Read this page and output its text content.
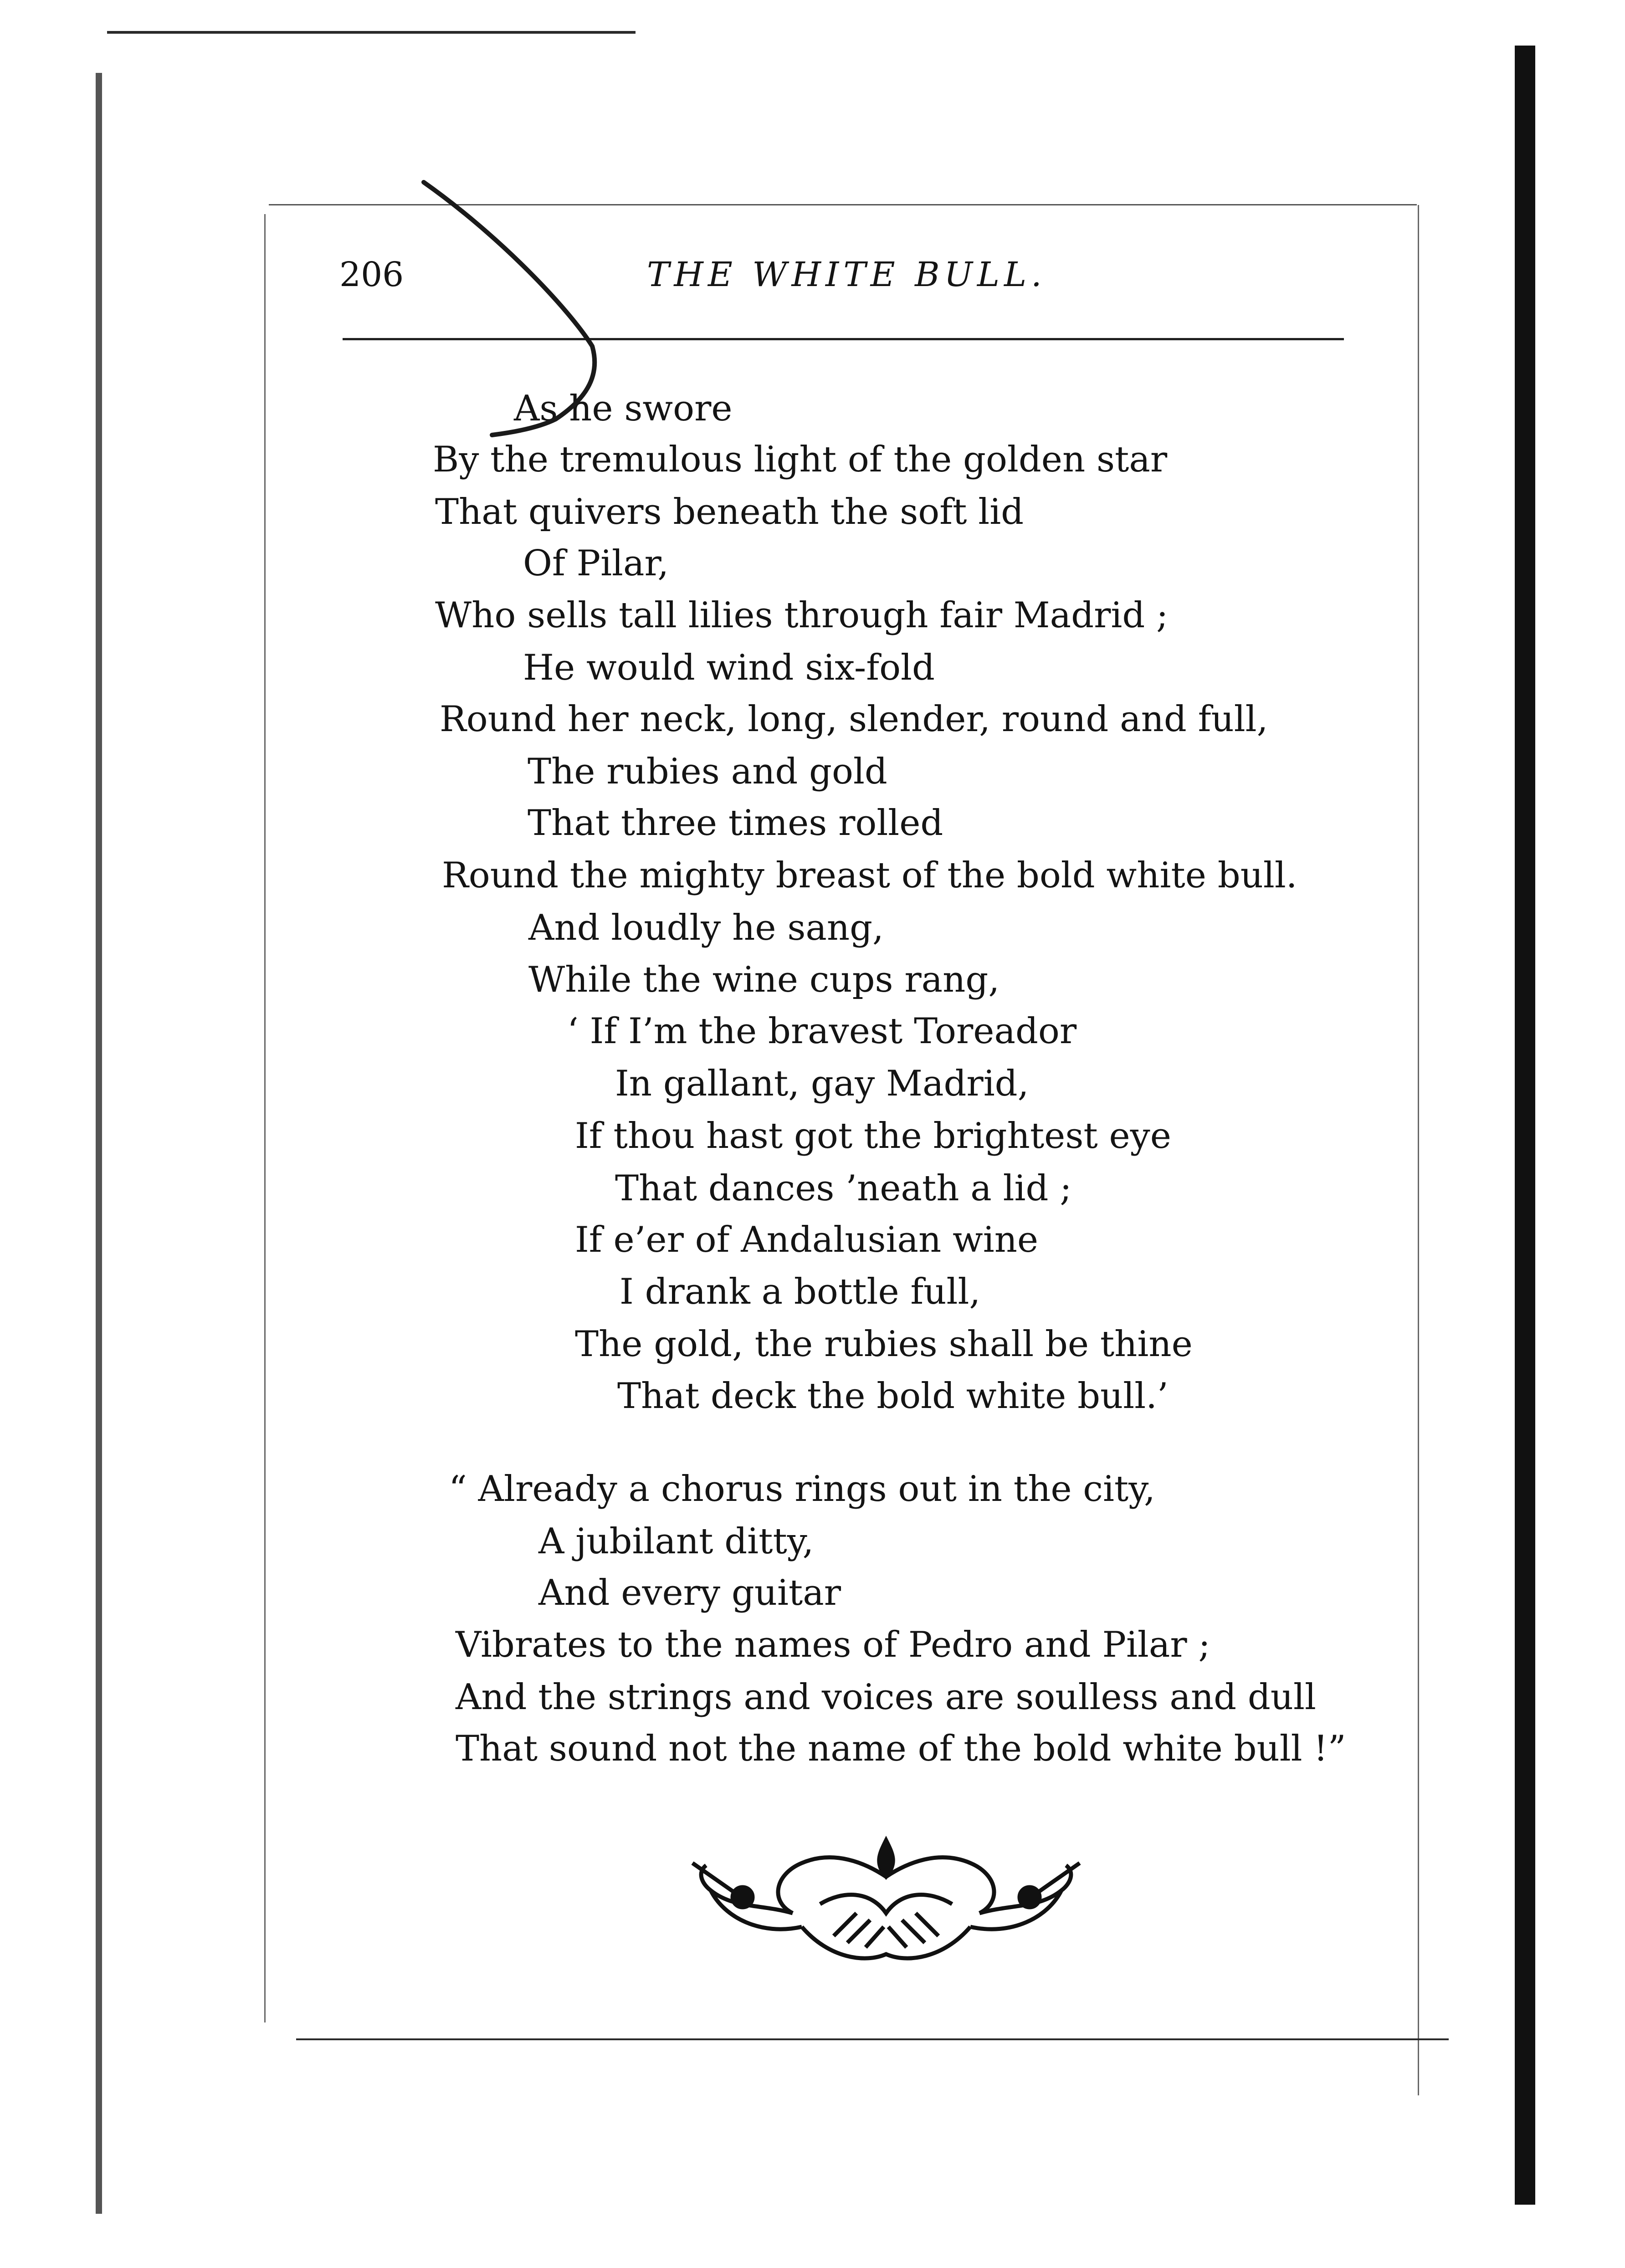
206	THE WHITE BULL.
As he swore
By the tremulous light of the golden star
That quivers beneath the soft lid
Of Pilar,
Who sells tall lilies through fair Madrid ;
He would wind six-fold
Round her neck, long, slender, round and full,
The rubies and gold
That three times rolled
Round the mighty breast of the bold white bull.
And loudly he sang,
While the wine cups rang,
‘ If I’m the bravest Toreador
In gallant, gay Madrid,
If thou hast got the brightest eye
That dances ’neath a lid ;
If e’er of Andalusian wine
I drank a bottle full,
The gold, the rubies shall be thine
That deck the bold white bull.’
“ Already a chorus rings out in the city,
A jubilant ditty,
And every guitar
Vibrates to the names of Pedro and Pilar ;
And the strings and voices are soulless and dull
That sound not the name of the bold white bull !”
